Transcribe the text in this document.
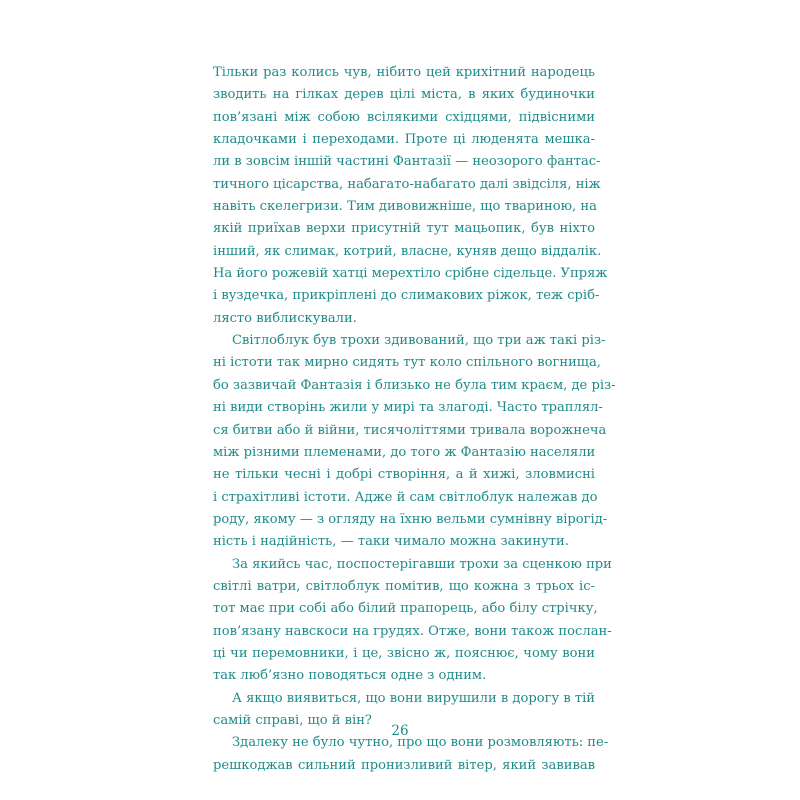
Тільки раз колись чув, нібито цей крихітний народець
зводить на гілках дерев цілі міста, в яких будиночки
пов’язані між собою всілякими східцями, підвісними
кладочками і переходами. Проте ці люденята мешка-
ли в зовсім іншій частині Фантазії — неозорого фантас-
тичного цісарства, набагато-набагато далі звідсіля, ніж
навіть скелегризи. Тим дивовижніше, що твариною, на
якій приїхав верхи присутній тут мацьопик, був ніхто
інший, як слимак, котрий, власне, куняв дещо віддалік.
На його рожевій хатці мерехтіло срібне сідельце. Упряж
і вуздечка, прикріплені до слимакових ріжок, теж сріб-
лясто виблискували.
Світлоблук був трохи здивований, що три аж такі різ-
ні істоти так мирно сидять тут коло спільного вогнища,
бо зазвичай Фантазія і близько не була тим краєм, де різ-
ні види створінь жили у мирі та злагоді. Часто траплял-
ся битви або й війни, тисячоліттями тривала ворожнеча
між різними племенами, до того ж Фантазію населяли
не тільки чесні і добрі створіння, а й хижі, зловмисні
і страхітливі істоти. Адже й сам світлоблук належав до
роду, якому — з огляду на їхню вельми сумнівну вірогід-
ність і надійність, — таки чимало можна закинути.
За якийсь час, поспостерігавши трохи за сценкою при
світлі ватри, світлоблук помітив, що кожна з трьох іс-
тот має при собі або білий прапорець, або білу стрічку,
пов’язану навскоси на грудях. Отже, вони також послан-
ці чи перемовники, і це, звісно ж, пояснює, чому вони
так люб’язно поводяться одне з одним.
А якщо виявиться, що вони вирушили в дорогу в тій
самій справі, що й він?
Здалеку не було чутно, про що вони розмовляють: пе-
решкоджав сильний пронизливий вітер, який завивав
26
